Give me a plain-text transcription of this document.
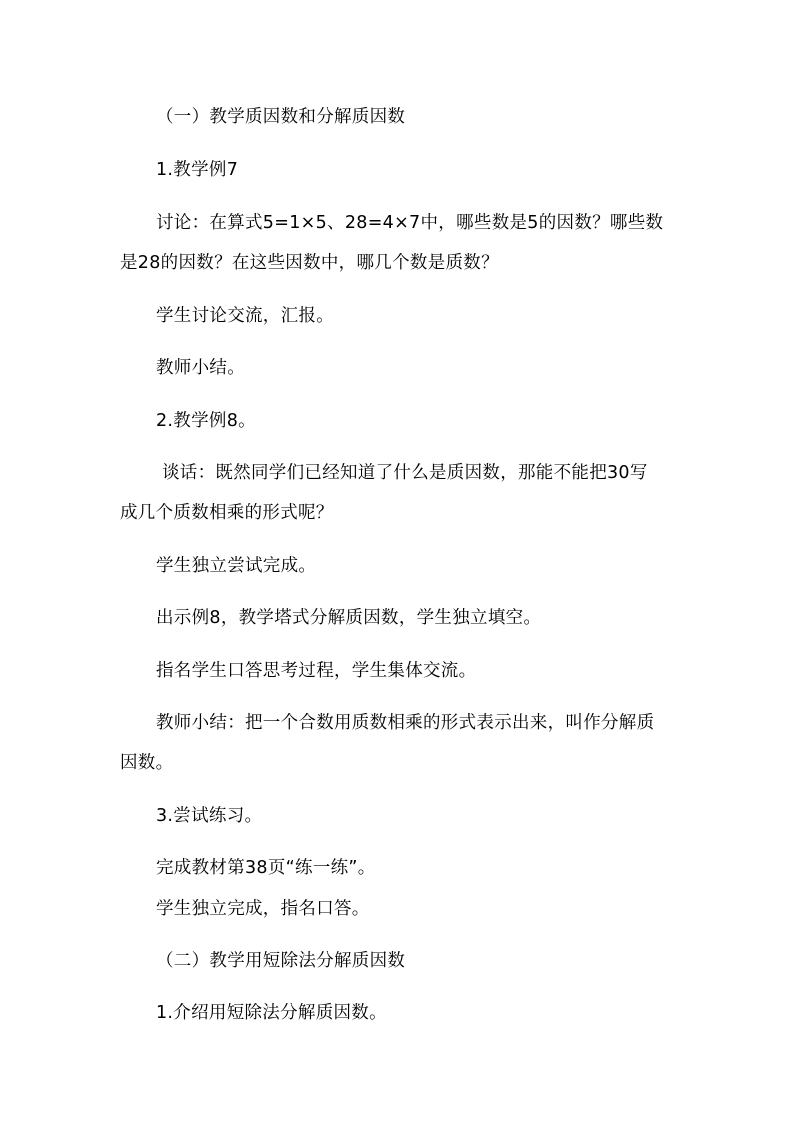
（一）教学质因数和分解质因数
1.教学例7
讨论：在算式5=1×5、28=4×7中，哪些数是5的因数？哪些数
是28的因数？在这些因数中，哪几个数是质数？
学生讨论交流，汇报。
教师小结。
2.教学例8。
谈话：既然同学们已经知道了什么是质因数，那能不能把30写
成几个质数相乘的形式呢？
学生独立尝试完成。
出示例8，教学塔式分解质因数，学生独立填空。
指名学生口答思考过程，学生集体交流。
教师小结：把一个合数用质数相乘的形式表示出来，叫作分解质
因数。
3.尝试练习。
完成教材第38页“练一练”。
学生独立完成，指名口答。
（二）教学用短除法分解质因数
1.介绍用短除法分解质因数。
